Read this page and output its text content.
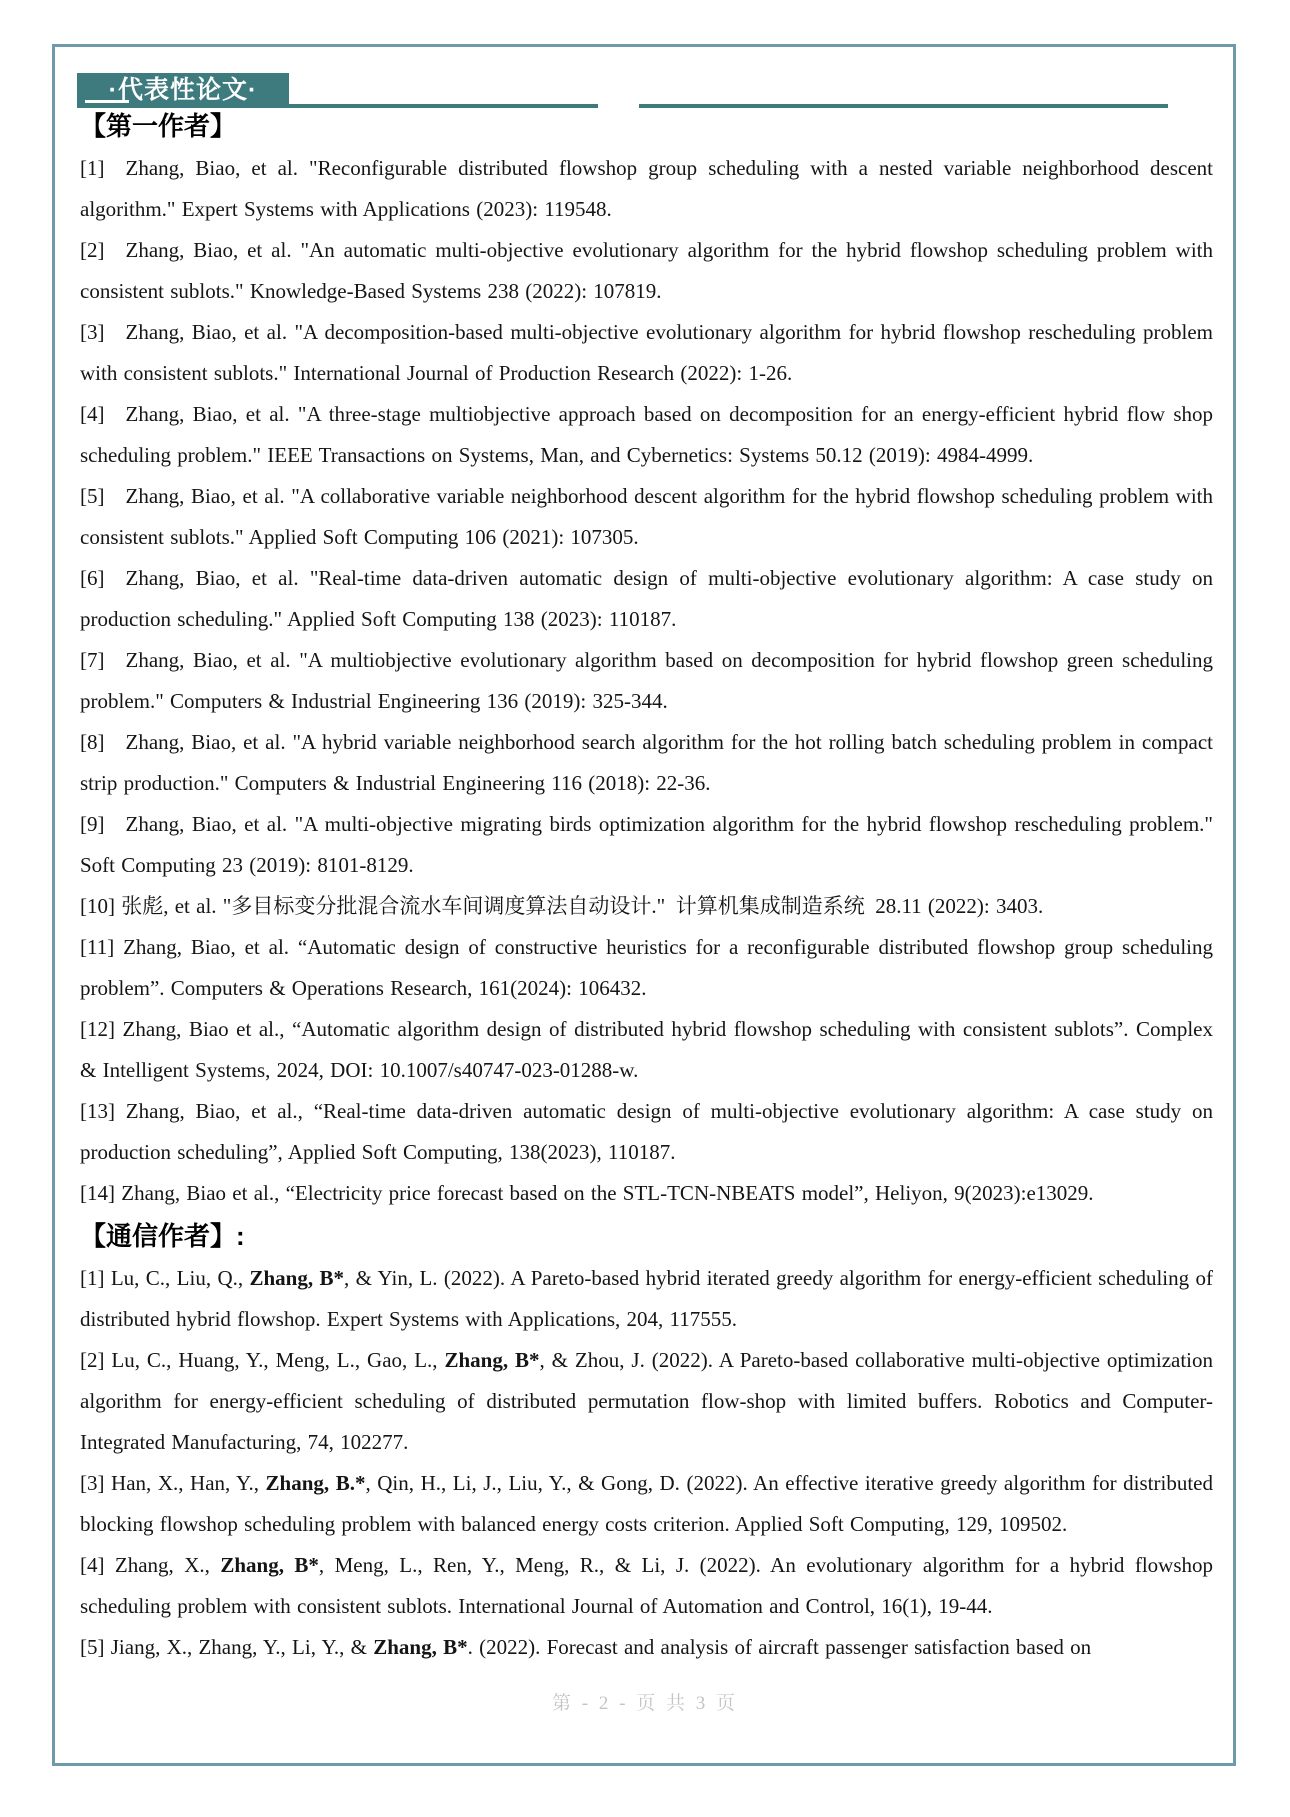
·代表性论文·
【第一作者】

[1] Zhang, Biao, et al. "Reconfigurable distributed flowshop group scheduling with a nested variable neighborhood descent algorithm." Expert Systems with Applications (2023): 119548.

[2] Zhang, Biao, et al. "An automatic multi-objective evolutionary algorithm for the hybrid flowshop scheduling problem with consistent sublots." Knowledge-Based Systems 238 (2022): 107819.

[3] Zhang, Biao, et al. "A decomposition-based multi-objective evolutionary algorithm for hybrid flowshop rescheduling problem with consistent sublots." International Journal of Production Research (2022): 1-26.

[4] Zhang, Biao, et al. "A three-stage multiobjective approach based on decomposition for an energy-efficient hybrid flow shop scheduling problem." IEEE Transactions on Systems, Man, and Cybernetics: Systems 50.12 (2019): 4984-4999.

[5] Zhang, Biao, et al. "A collaborative variable neighborhood descent algorithm for the hybrid flowshop scheduling problem with consistent sublots." Applied Soft Computing 106 (2021): 107305.

[6] Zhang, Biao, et al. "Real-time data-driven automatic design of multi-objective evolutionary algorithm: A case study on production scheduling." Applied Soft Computing 138 (2023): 110187.

[7] Zhang, Biao, et al. "A multiobjective evolutionary algorithm based on decomposition for hybrid flowshop green scheduling problem." Computers & Industrial Engineering 136 (2019): 325-344.

[8] Zhang, Biao, et al. "A hybrid variable neighborhood search algorithm for the hot rolling batch scheduling problem in compact strip production." Computers & Industrial Engineering 116 (2018): 22-36.

[9] Zhang, Biao, et al. "A multi-objective migrating birds optimization algorithm for the hybrid flowshop rescheduling problem." Soft Computing 23 (2019): 8101-8129.

[10] 张彪, et al. "多目标变分批混合流水车间调度算法自动设计." 计算机集成制造系统 28.11 (2022): 3403.

[11] Zhang, Biao, et al. “Automatic design of constructive heuristics for a reconfigurable distributed flowshop group scheduling problem”. Computers & Operations Research, 161(2024): 106432.

[12] Zhang, Biao et al., “Automatic algorithm design of distributed hybrid flowshop scheduling with consistent sublots”. Complex & Intelligent Systems, 2024, DOI: 10.1007/s40747-023-01288-w.

[13] Zhang, Biao, et al., “Real-time data-driven automatic design of multi-objective evolutionary algorithm: A case study on production scheduling”, Applied Soft Computing, 138(2023), 110187.

[14] Zhang, Biao et al., “Electricity price forecast based on the STL-TCN-NBEATS model”, Heliyon, 9(2023):e13029.

【通信作者】:

[1] Lu, C., Liu, Q., Zhang, B*, & Yin, L. (2022). A Pareto-based hybrid iterated greedy algorithm for energy-efficient scheduling of distributed hybrid flowshop. Expert Systems with Applications, 204, 117555.

[2] Lu, C., Huang, Y., Meng, L., Gao, L., Zhang, B*, & Zhou, J. (2022). A Pareto-based collaborative multi-objective optimization algorithm for energy-efficient scheduling of distributed permutation flow-shop with limited buffers. Robotics and Computer-Integrated Manufacturing, 74, 102277.

[3] Han, X., Han, Y., Zhang, B.*, Qin, H., Li, J., Liu, Y., & Gong, D. (2022). An effective iterative greedy algorithm for distributed blocking flowshop scheduling problem with balanced energy costs criterion. Applied Soft Computing, 129, 109502.

[4] Zhang, X., Zhang, B*, Meng, L., Ren, Y., Meng, R., & Li, J. (2022). An evolutionary algorithm for a hybrid flowshop scheduling problem with consistent sublots. International Journal of Automation and Control, 16(1), 19-44.

[5] Jiang, X., Zhang, Y., Li, Y., & Zhang, B*. (2022). Forecast and analysis of aircraft passenger satisfaction based on

第 - 2 - 页 共 3 页
